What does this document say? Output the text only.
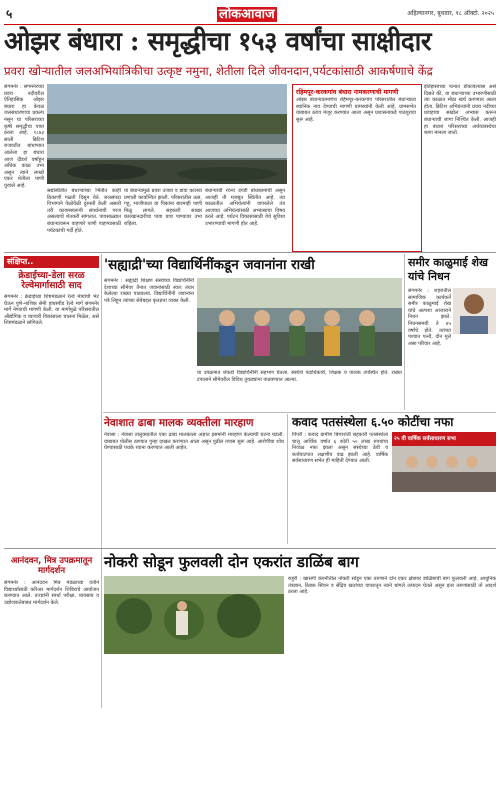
५	लोकआवाज	अहिल्यानगर, बुधवार, १८ ऑक्टो. २०२५
ओझर बंधारा : समृद्धीचा १५३ वर्षांचा साक्षीदार
प्रवरा खोऱ्यातील जलअभियांत्रिकीचा उत्कृष्ट नमुना, शेतीला दिले जीवनदान,पर्यटकांसाठी आकर्षणाचे केंद्र
संगमनेर : संगमनेरच्या प्रवरा नदीवरील ऐतिहासिक ओझर बंधारा हा केवळ जलसंधारणाचा प्रकल्प नसून या परिसराच्या कृषी समृद्धीचा पाया ठरला आहे. १८७३ साली ब्रिटिश राजवटीत बांधण्यात आलेला हा बंधारा आज दीडशे वर्षांहून अधिक काळ उभा असून त्याने लाखो एकर शेतीला पाणी पुरवले आहे.
सद्यस्थितीत बंधाऱ्याच्या भिंतीत काही ठिकाणी गळती दिसून येते. जलसंपदा विभागाने वेळोवेळी दुरुस्ती केली असली तरी कायमस्वरूपी संवर्धनाची गरज असल्याचे शेतकरी सांगतात. पावसाळ्यात बंधाऱ्यावरून वाहणारे पाणी पाहण्यासाठी पर्यटकांची गर्दी होते.
या बंधाऱ्यामुळे प्रवरा उजवा व डावा कालवा प्रणाली कार्यान्वित झाली. परिसरातील ऊस, गहू, भाजीपाला या पिकांना बारमाही पाणी मिळू लागले. सहकारी साखर कारखानदारीचा पाया याच पाण्यावर उभा राहिला.
बंधाऱ्याची रचना दगडी बांधकामाची असून आजही ती मजबूत स्थितीत आहे. त्या काळातील अभियंत्यांनी वापरलेले तंत्र आजच्या अभियंत्यांसाठी अभ्यासाचा विषय ठरले आहे. पर्यटन विकासासाठी येथे सुविधा उभारण्याची मागणी होत आहे.
रहिमपूर-करकगांव बंधारा नामकरणाची मागणी
ओझर बंधाऱ्याप्रमाणेच रहिमपूर-करकगांव परिसरातील बंधाऱ्याला स्थानिक नाव देण्याची मागणी ग्रामस्थांनी केली आहे. ग्रामसभेत याबाबत ठराव मंजूर करण्यात आला असून प्रशासनाकडे पाठपुरावा सुरू आहे.
इतिहासाच्या पानात डोकावल्यास असे दिसते की, या बंधाऱ्याच्या उभारणीसाठी त्या काळात मोठा खर्च करण्यात आला होता. ब्रिटिश अभियंत्यांनी प्रवरा नदीच्या प्रवाहाचा सखोल अभ्यास करून बंधाऱ्याची जागा निश्चित केली. आजही हा बंधारा परिसराच्या अर्थव्यवस्थेचा कणा मानला जातो.
संक्षिप्त..
क्रेडाईच्या-डेला सरळ रेल्वेमार्गासाठी साद
संगमनेर : क्रेडाईच्या शिष्टमंडळाने रेल्वे मंत्र्यांची भेट घेऊन पुणे-नाशिक सेमी हायस्पीड रेल्वे मार्ग संगमनेर मार्गे नेण्याची मागणी केली. या मार्गामुळे परिसरातील औद्योगिक व व्यापारी विकासाला चालना मिळेल, असे शिष्टमंडळाने सांगितले.
आनंदवन, मित्र उपक्रमातून मार्गदर्शन
संगमनेर : आनंदवन मित्र मंडळाच्या वतीने विद्यार्थ्यांसाठी करिअर मार्गदर्शन शिबिराचे आयोजन करण्यात आले. तज्ज्ञांनी स्पर्धा परीक्षा, व्यवसाय व उद्योजकतेबाबत मार्गदर्शन केले.
'सह्याद्री'च्या विद्यार्थिनींकडून जवानांना राखी
संगमनेर : सह्याद्री शिक्षण संस्थेच्या विद्यार्थिनींनी देशाच्या सीमेवर तैनात जवानांसाठी स्वतः तयार केलेल्या राख्या पाठवल्या. विद्यार्थिनींनी जवानांना पत्रे लिहून त्यांच्या सेवेबद्दल कृतज्ञता व्यक्त केली.
या उपक्रमात शेकडो विद्यार्थिनींनी सहभाग घेतला. संस्थेचे पदाधिकारी, शिक्षक व पालक उपस्थित होते. राख्या टपालाने सीमेवरील विविध तुकड्यांना पाठवण्यात आल्या.
समीर काळुमाई शेख यांचे निधन
संगमनेर : शहरातील सामाजिक कार्यकर्ते समीर काळुमाई शेख यांचे अल्पशा आजाराने निधन झाले. निधनसमयी ते ४५ वर्षांचे होते. त्यांच्या पश्चात पत्नी, दोन मुले असा परिवार आहे.
नेवाशात ढाबा मालक व्यक्तीला मारहाण
नेवासा : नेवासा तालुक्यातील एका ढाबा मालकाला अज्ञात इसमांनी मारहाण केल्याची घटना घडली. याबाबत पोलीस ठाण्यात गुन्हा दाखल करण्यात आला असून पुढील तपास सुरू आहे. आरोपींचा शोध घेण्यासाठी पथके रवाना करण्यात आली आहेत.
कवाद पतसंस्थेला ६.५० कोटींचा नफा
पिंपरी : कवाद ग्रामीण बिगरशेती सहकारी पतसंस्थेला चालू आर्थिक वर्षात ६ कोटी ५० लाख रुपयांचा निव्वळ नफा झाला असून संस्थेच्या ठेवी व कर्जवाटपात लक्षणीय वाढ झाली आहे. वार्षिक सर्वसाधारण सभेत ही माहिती देण्यात आली.
२५ वी वार्षिक सर्वसाधारण सभा
नोकरी सोडून फुलवली दोन एकरांत डाळिंब बाग
राहुरी : खासगी कंपनीतील नोकरी सोडून एका तरुणाने दोन एकर क्षेत्रावर डाळिंबाची बाग फुलवली आहे. आधुनिक तंत्रज्ञान, ठिबक सिंचन व सेंद्रिय खतांच्या वापरातून त्याने चांगले उत्पादन घेतले असून इतर तरुणांसाठी तो आदर्श ठरला आहे.
